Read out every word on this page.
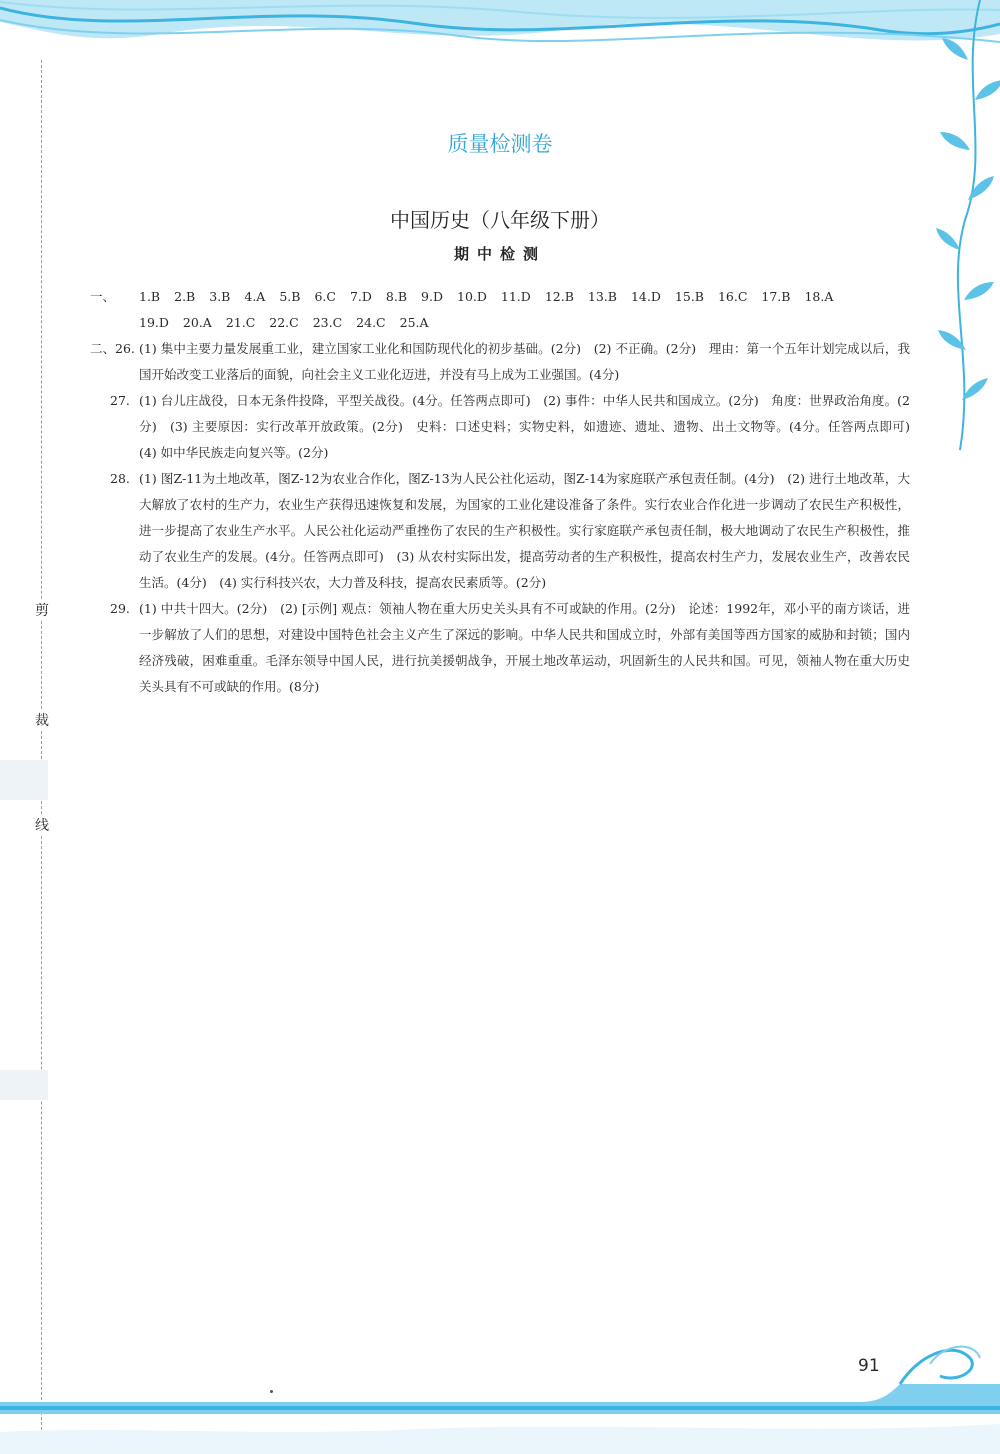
剪
裁
线
质量检测卷
中国历史（八年级下册）
期中检测
一、	1.B 2.B 3.B 4.A 5.B 6.C 7.D 8.B 9.D 10.D 11.D 12.B 13.B 14.D 15.B 16.C 17.B 18.A
19.D 20.A 21.C 22.C 23.C 24.C 25.A
二、26. (1) 集中主要力量发展重工业，建立国家工业化和国防现代化的初步基础。(2分)　(2) 不正确。(2分)　理由：第一个五年计划完成以后，我国开始改变工业落后的面貌，向社会主义工业化迈进，并没有马上成为工业强国。(4分)
27. (1) 台儿庄战役，日本无条件投降，平型关战役。(4分。任答两点即可)　(2) 事件：中华人民共和国成立。(2分)　角度：世界政治角度。(2分)　(3) 主要原因：实行改革开放政策。(2分)　史料：口述史料；实物史料，如遗迹、遗址、遗物、出土文物等。(4分。任答两点即可)　(4) 如中华民族走向复兴等。(2分)
28. (1) 图Z-11为土地改革，图Z-12为农业合作化，图Z-13为人民公社化运动，图Z-14为家庭联产承包责任制。(4分)　(2) 进行土地改革，大大解放了农村的生产力，农业生产获得迅速恢复和发展，为国家的工业化建设准备了条件。实行农业合作化进一步调动了农民生产积极性，进一步提高了农业生产水平。人民公社化运动严重挫伤了农民的生产积极性。实行家庭联产承包责任制，极大地调动了农民生产积极性，推动了农业生产的发展。(4分。任答两点即可)　(3) 从农村实际出发，提高劳动者的生产积极性，提高农村生产力，发展农业生产，改善农民生活。(4分)　(4) 实行科技兴农，大力普及科技，提高农民素质等。(2分)
29. (1) 中共十四大。(2分)　(2) [示例] 观点：领袖人物在重大历史关头具有不可或缺的作用。(2分)　论述：1992年，邓小平的南方谈话，进一步解放了人们的思想，对建设中国特色社会主义产生了深远的影响。中华人民共和国成立时，外部有美国等西方国家的威胁和封锁；国内经济残破，困难重重。毛泽东领导中国人民，进行抗美援朝战争，开展土地改革运动，巩固新生的人民共和国。可见，领袖人物在重大历史关头具有不可或缺的作用。(8分)
91
